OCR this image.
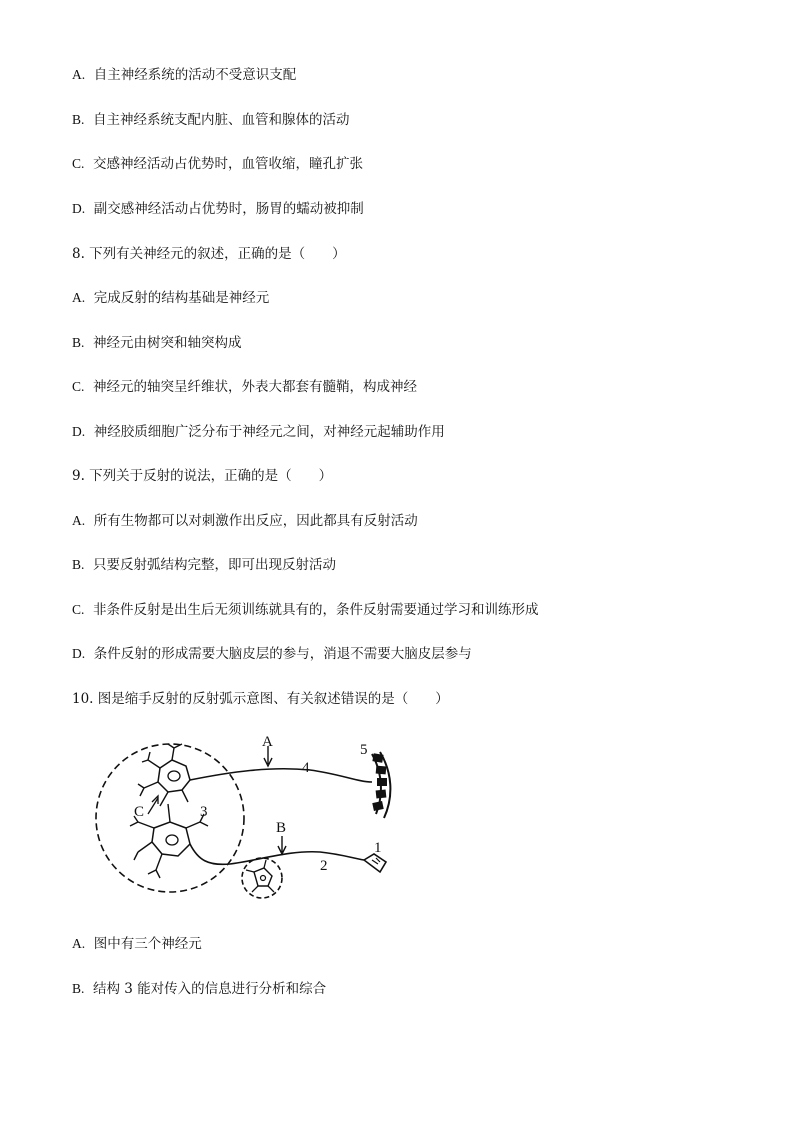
A. 自主神经系统的活动不受意识支配
B. 自主神经系统支配内脏、血管和腺体的活动
C. 交感神经活动占优势时，血管收缩，瞳孔扩张
D. 副交感神经活动占优势时，肠胃的蠕动被抑制
8. 下列有关神经元的叙述，正确的是（　　）
A. 完成反射的结构基础是神经元
B. 神经元由树突和轴突构成
C. 神经元的轴突呈纤维状，外表大都套有髓鞘，构成神经
D. 神经胶质细胞广泛分布于神经元之间，对神经元起辅助作用
9. 下列关于反射的说法，正确的是（　　）
A. 所有生物都可以对刺激作出反应，因此都具有反射活动
B. 只要反射弧结构完整，即可出现反射活动
C. 非条件反射是出生后无须训练就具有的，条件反射需要通过学习和训练形成
D. 条件反射的形成需要大脑皮层的参与，消退不需要大脑皮层参与
10. 图是缩手反射的反射弧示意图、有关叙述错误的是（　　）
A
B
C	3
4
5
2
1
A. 图中有三个神经元
B. 结构 3 能对传入的信息进行分析和综合
